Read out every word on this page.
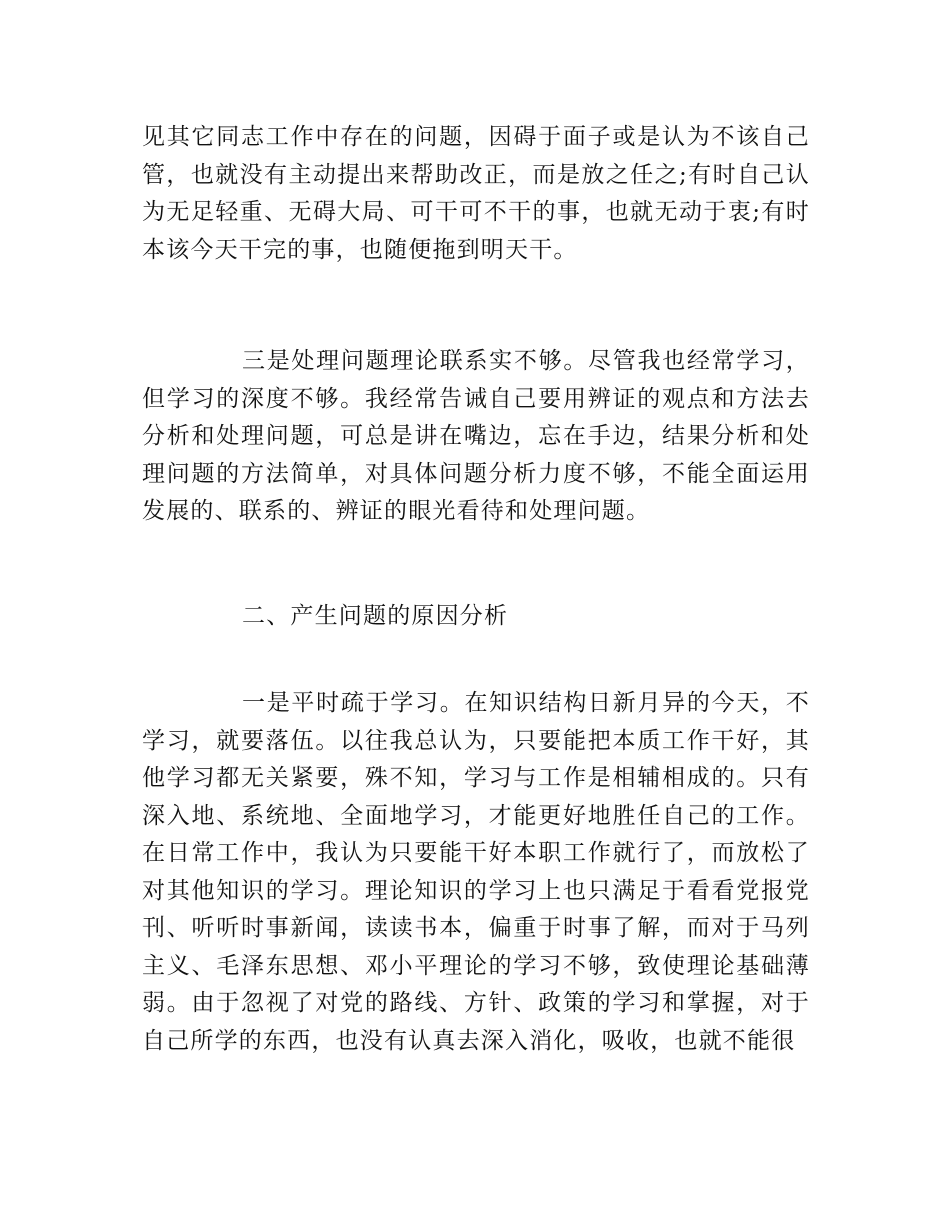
见其它同志工作中存在的问题，因碍于面子或是认为不该自己管，也就没有主动提出来帮助改正，而是放之任之;有时自己认为无足轻重、无碍大局、可干可不干的事，也就无动于衷;有时本该今天干完的事，也随便拖到明天干。

三是处理问题理论联系实不够。尽管我也经常学习，但学习的深度不够。我经常告诫自己要用辨证的观点和方法去分析和处理问题，可总是讲在嘴边，忘在手边，结果分析和处理问题的方法简单，对具体问题分析力度不够，不能全面运用发展的、联系的、辨证的眼光看待和处理问题。

二、产生问题的原因分析

一是平时疏于学习。在知识结构日新月异的今天，不学习，就要落伍。以往我总认为，只要能把本质工作干好，其他学习都无关紧要，殊不知，学习与工作是相辅相成的。只有深入地、系统地、全面地学习，才能更好地胜任自己的工作。在日常工作中，我认为只要能干好本职工作就行了，而放松了对其他知识的学习。理论知识的学习上也只满足于看看党报党刊、听听时事新闻，读读书本，偏重于时事了解，而对于马列主义、毛泽东思想、邓小平理论的学习不够，致使理论基础薄弱。由于忽视了对党的路线、方针、政策的学习和掌握，对于自己所学的东西，也没有认真去深入消化，吸收，也就不能很
